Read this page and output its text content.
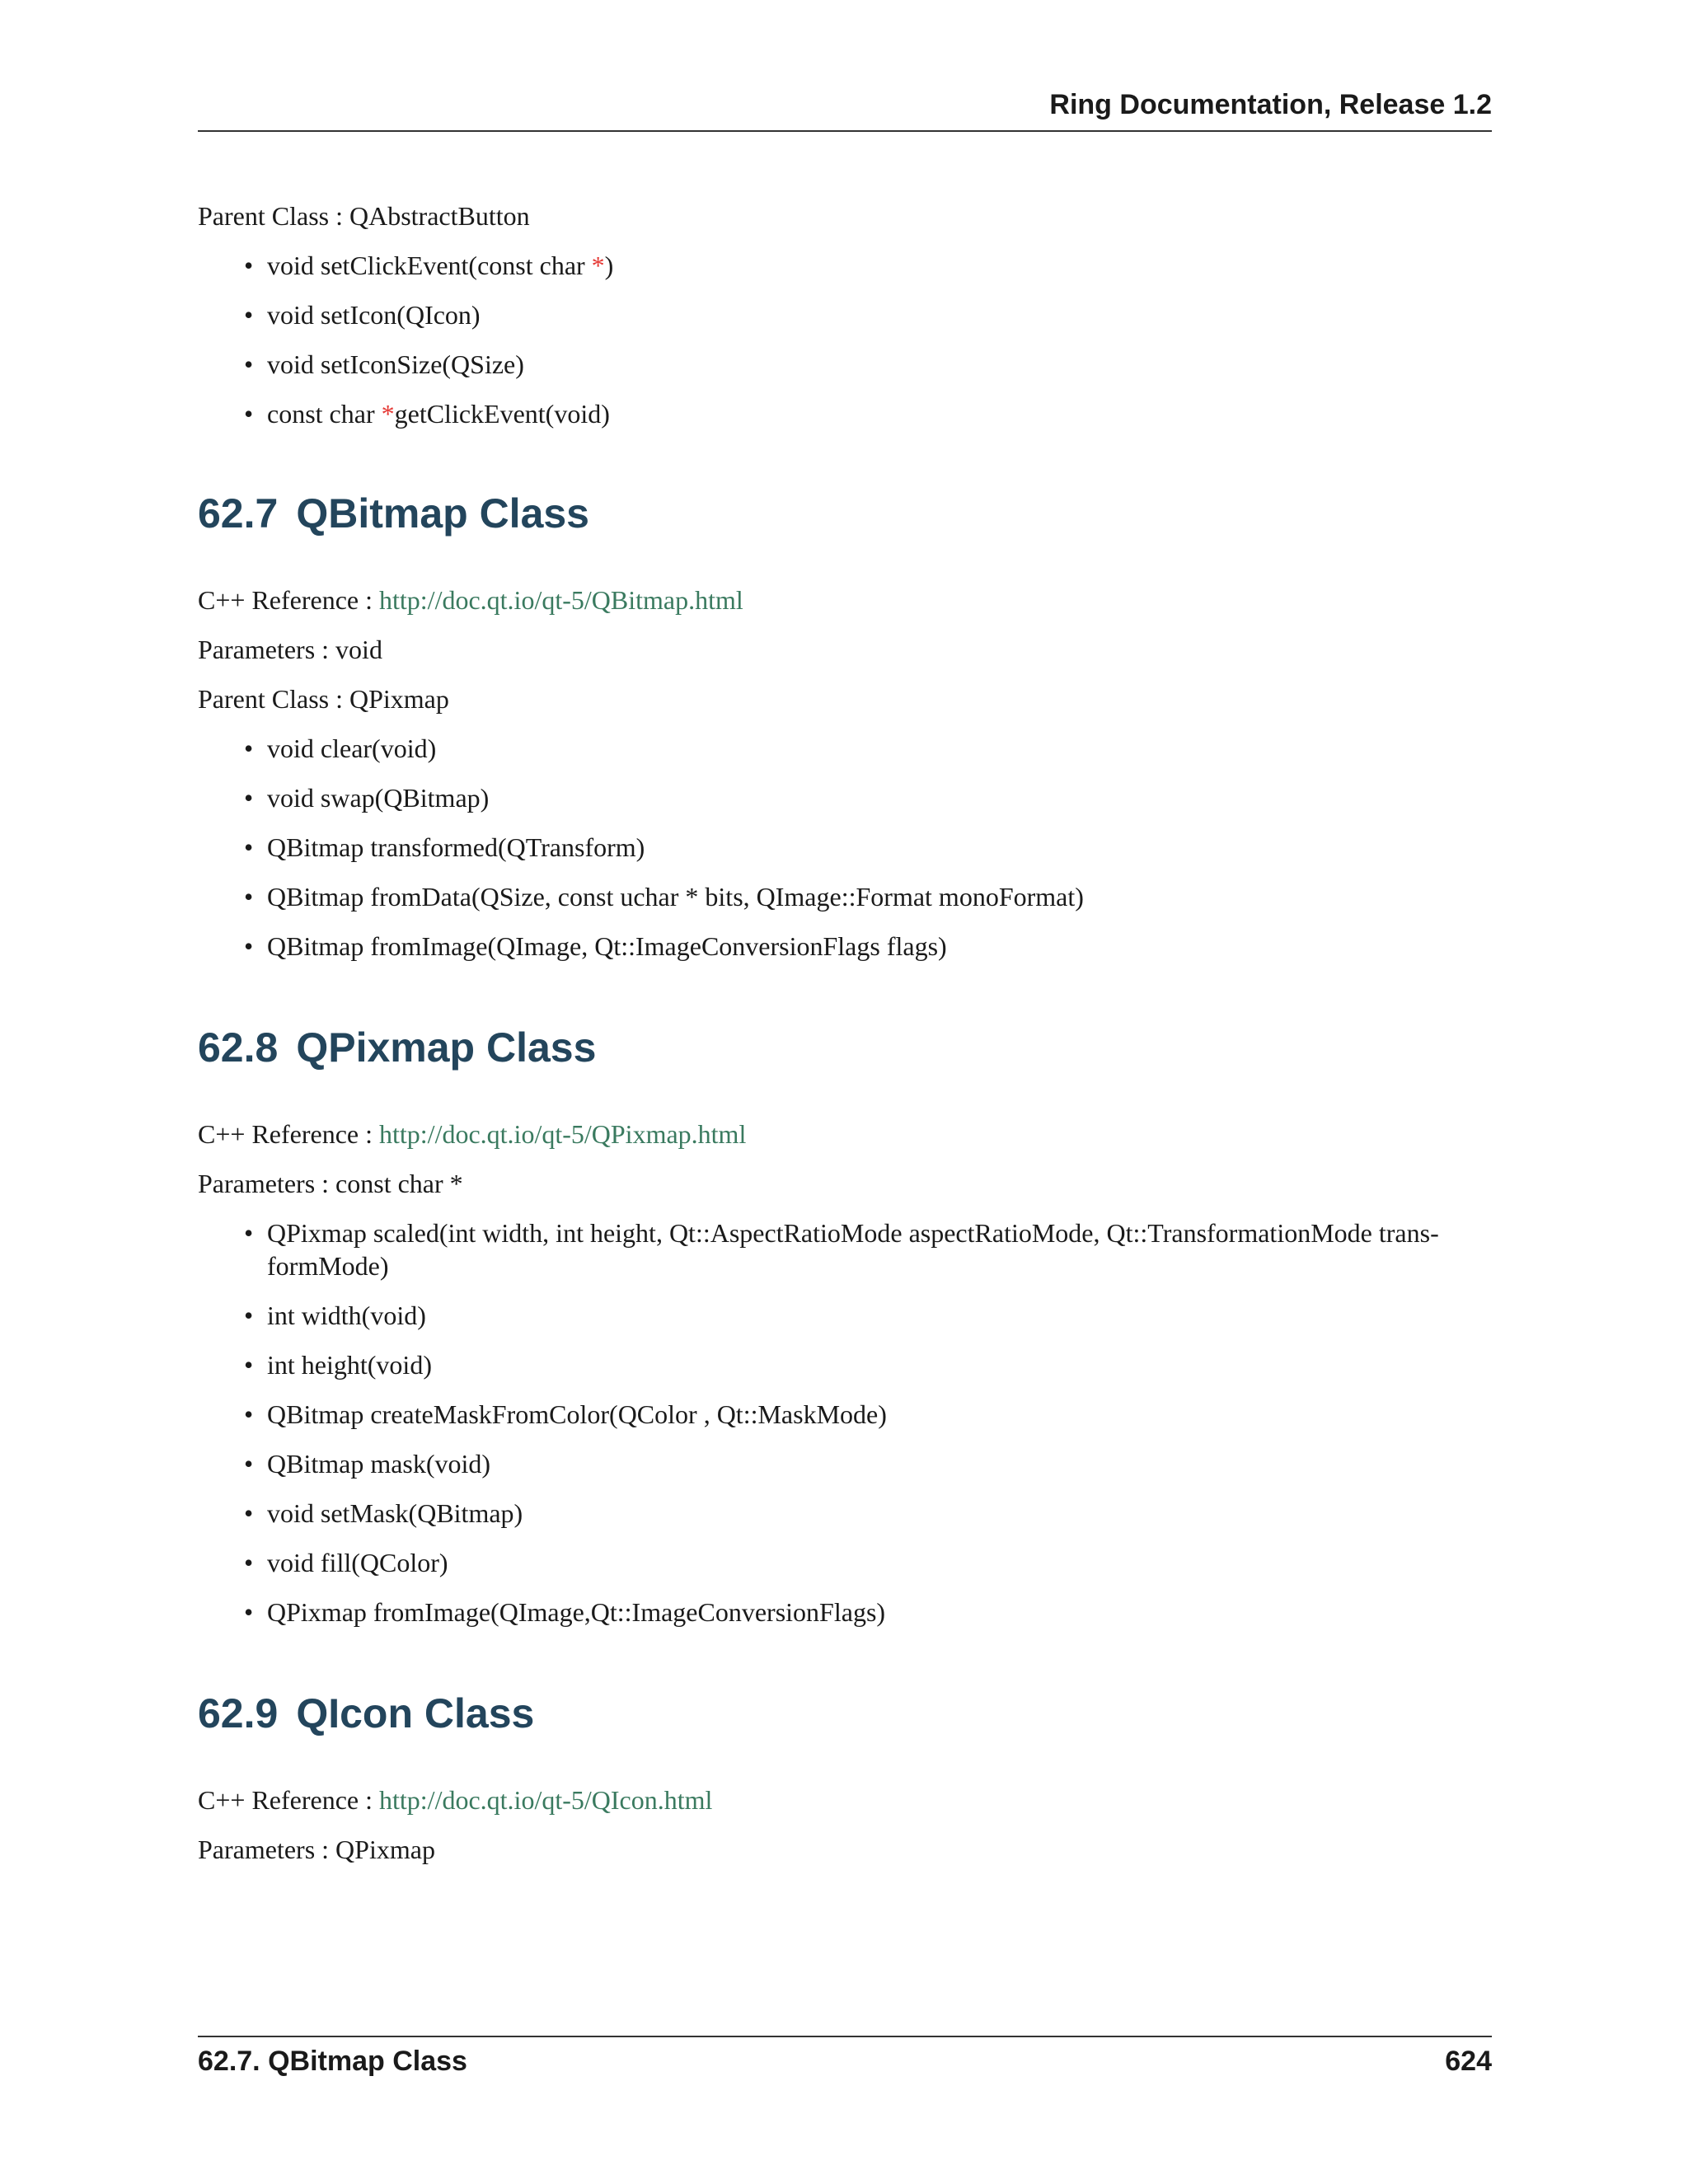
Ring Documentation, Release 1.2
Parent Class : QAbstractButton
• void setClickEvent(const char *)
• void setIcon(QIcon)
• void setIconSize(QSize)
• const char *getClickEvent(void)
62.7 QBitmap Class
C++ Reference : http://doc.qt.io/qt-5/QBitmap.html
Parameters : void
Parent Class : QPixmap
• void clear(void)
• void swap(QBitmap)
• QBitmap transformed(QTransform)
• QBitmap fromData(QSize, const uchar * bits, QImage::Format monoFormat)
• QBitmap fromImage(QImage, Qt::ImageConversionFlags flags)
62.8 QPixmap Class
C++ Reference : http://doc.qt.io/qt-5/QPixmap.html
Parameters : const char *
• QPixmap scaled(int width, int height, Qt::AspectRatioMode aspectRatioMode, Qt::TransformationMode trans- formMode)
• int width(void)
• int height(void)
• QBitmap createMaskFromColor(QColor , Qt::MaskMode)
• QBitmap mask(void)
• void setMask(QBitmap)
• void fill(QColor)
• QPixmap fromImage(QImage,Qt::ImageConversionFlags)
62.9 QIcon Class
C++ Reference : http://doc.qt.io/qt-5/QIcon.html
Parameters : QPixmap
62.7. QBitmap Class	624
